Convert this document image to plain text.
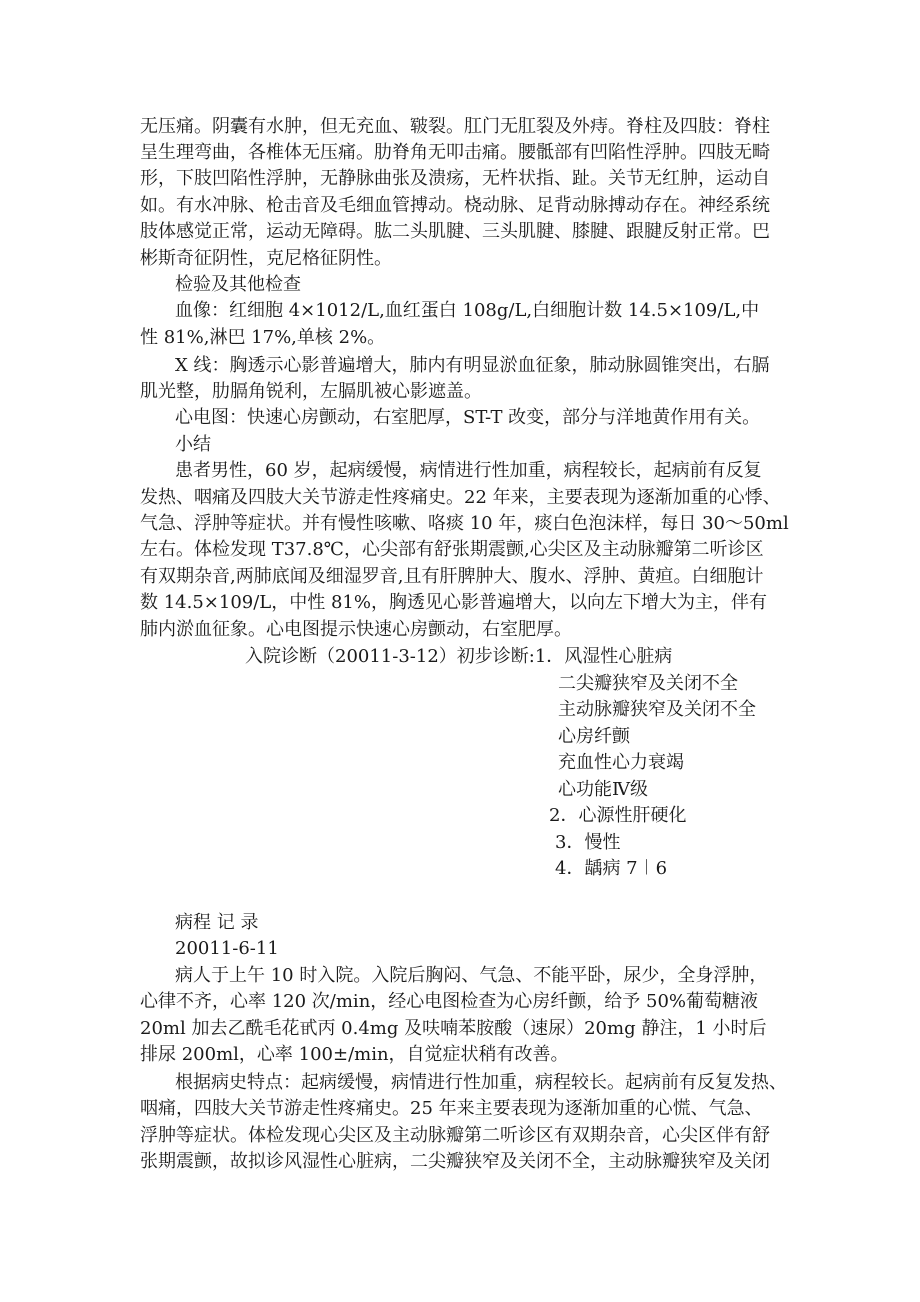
无压痛。阴囊有水肿，但无充血、皲裂。肛门无肛裂及外痔。脊柱及四肢：脊柱
呈生理弯曲，各椎体无压痛。肋脊角无叩击痛。腰骶部有凹陷性浮肿。四肢无畸
形，下肢凹陷性浮肿，无静脉曲张及溃疡，无杵状指、趾。关节无红肿，运动自
如。有水冲脉、枪击音及毛细血管搏动。桡动脉、足背动脉搏动存在。神经系统
肢体感觉正常，运动无障碍。肱二头肌腱、三头肌腱、膝腱、跟腱反射正常。巴
彬斯奇征阴性，克尼格征阴性。
检验及其他检查
血像：红细胞 4×1012/L,血红蛋白 108g/L,白细胞计数 14.5×109/L,中
性 81%,淋巴 17%,单核 2%。
X 线：胸透示心影普遍增大，肺内有明显淤血征象，肺动脉圆锥突出，右膈
肌光整，肋膈角锐利，左膈肌被心影遮盖。
心电图：快速心房颤动，右室肥厚，ST-T 改变，部分与洋地黄作用有关。
小结
患者男性，60 岁，起病缓慢，病情进行性加重，病程较长，起病前有反复
发热、咽痛及四肢大关节游走性疼痛史。22 年来，主要表现为逐渐加重的心悸、
气急、浮肿等症状。并有慢性咳嗽、咯痰 10 年，痰白色泡沫样，每日 30～50ml
左右。体检发现 T37.8℃，心尖部有舒张期震颤,心尖区及主动脉瓣第二听诊区
有双期杂音,两肺底闻及细湿罗音,且有肝脾肿大、腹水、浮肿、黄疸。白细胞计
数 14.5×109/L，中性 81%，胸透见心影普遍增大，以向左下增大为主，伴有
肺内淤血征象。心电图提示快速心房颤动，右室肥厚。
入院诊断（20011-3-12）初步诊断:1．风湿性心脏病
二尖瓣狭窄及关闭不全
主动脉瓣狭窄及关闭不全
心房纤颤
充血性心力衰竭
心功能Ⅳ级
2．心源性肝硬化
3．慢性
4．龋病 7︱6
病程 记 录
20011-6-11
病人于上午 10 时入院。入院后胸闷、气急、不能平卧，尿少，全身浮肿，
心律不齐，心率 120 次/min，经心电图检查为心房纤颤，给予 50%葡萄糖液
20ml 加去乙酰毛花甙丙 0.4mg 及呋喃苯胺酸（速尿）20mg 静注，1 小时后
排尿 200ml，心率 100±/min，自觉症状稍有改善。
根据病史特点：起病缓慢，病情进行性加重，病程较长。起病前有反复发热、
咽痛，四肢大关节游走性疼痛史。25 年来主要表现为逐渐加重的心慌、气急、
浮肿等症状。体检发现心尖区及主动脉瓣第二听诊区有双期杂音，心尖区伴有舒
张期震颤，故拟诊风湿性心脏病，二尖瓣狭窄及关闭不全，主动脉瓣狭窄及关闭
